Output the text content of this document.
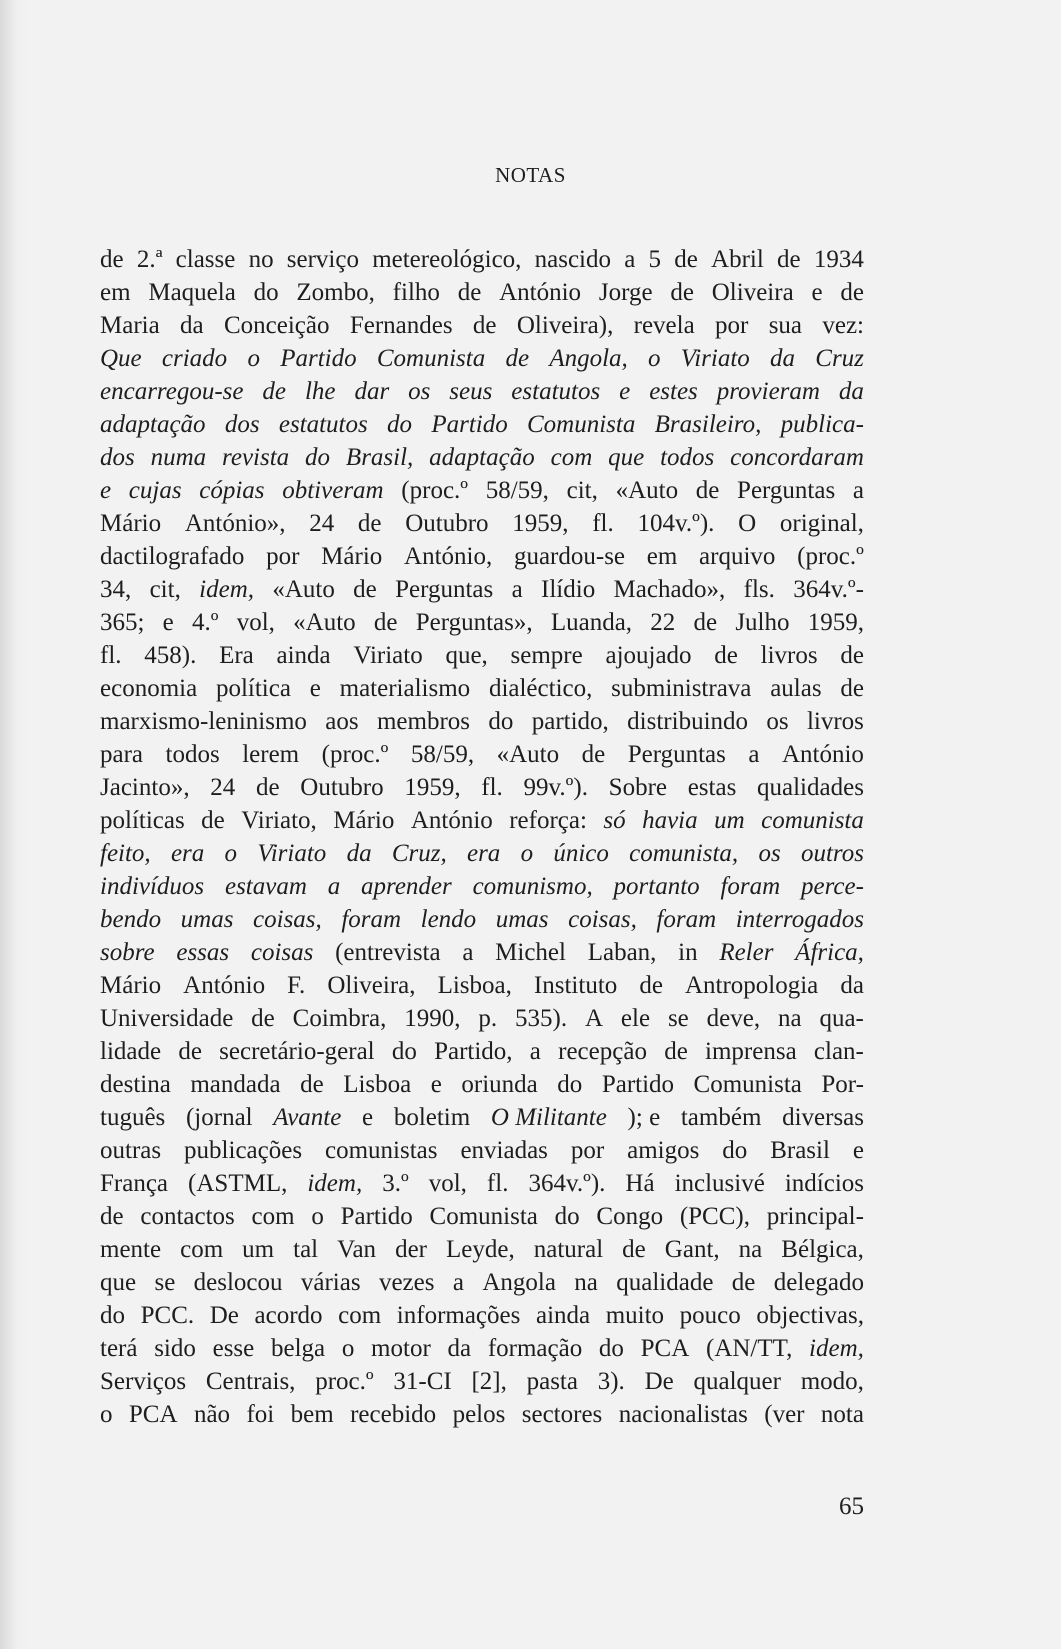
NOTAS
de 2.ª classe no serviço metereológico, nascido a 5 de Abril de 1934
em Maquela do Zombo, filho de António Jorge de Oliveira e de
Maria da Conceição Fernandes de Oliveira), revela por sua vez:
Que criado o Partido Comunista de Angola, o Viriato da Cruz
encarregou-se de lhe dar os seus estatutos e estes provieram da
adaptação dos estatutos do Partido Comunista Brasileiro, publica-
dos numa revista do Brasil, adaptação com que todos concordaram
e cujas cópias obtiveram (proc.º 58/59, cit, «Auto de Perguntas a
Mário António», 24 de Outubro 1959, fl. 104v.º). O original,
dactilografado por Mário António, guardou-se em arquivo (proc.º
34, cit, idem, «Auto de Perguntas a Ilídio Machado», fls. 364v.º-
365; e 4.º vol, «Auto de Perguntas», Luanda, 22 de Julho 1959,
fl. 458). Era ainda Viriato que, sempre ajoujado de livros de
economia política e materialismo dialéctico, subministrava aulas de
marxismo-leninismo aos membros do partido, distribuindo os livros
para todos lerem (proc.º 58/59, «Auto de Perguntas a António
Jacinto», 24 de Outubro 1959, fl. 99v.º). Sobre estas qualidades
políticas de Viriato, Mário António reforça: só havia um comunista
feito, era o Viriato da Cruz, era o único comunista, os outros
indivíduos estavam a aprender comunismo, portanto foram perce-
bendo umas coisas, foram lendo umas coisas, foram interrogados
sobre essas coisas (entrevista a Michel Laban, in Reler África,
Mário António F. Oliveira, Lisboa, Instituto de Antropologia da
Universidade de Coimbra, 1990, p. 535). A ele se deve, na qua-
lidade de secretário-geral do Partido, a recepção de imprensa clan-
destina mandada de Lisboa e oriunda do Partido Comunista Por-
tuguês (jornal Avante e boletim O Militante ); e também diversas
outras publicações comunistas enviadas por amigos do Brasil e
França (ASTML, idem, 3.º vol, fl. 364v.º). Há inclusivé indícios
de contactos com o Partido Comunista do Congo (PCC), principal-
mente com um tal Van der Leyde, natural de Gant, na Bélgica,
que se deslocou várias vezes a Angola na qualidade de delegado
do PCC. De acordo com informações ainda muito pouco objectivas,
terá sido esse belga o motor da formação do PCA (AN/TT, idem,
Serviços Centrais, proc.º 31-CI [2], pasta 3). De qualquer modo,
o PCA não foi bem recebido pelos sectores nacionalistas (ver nota
65
